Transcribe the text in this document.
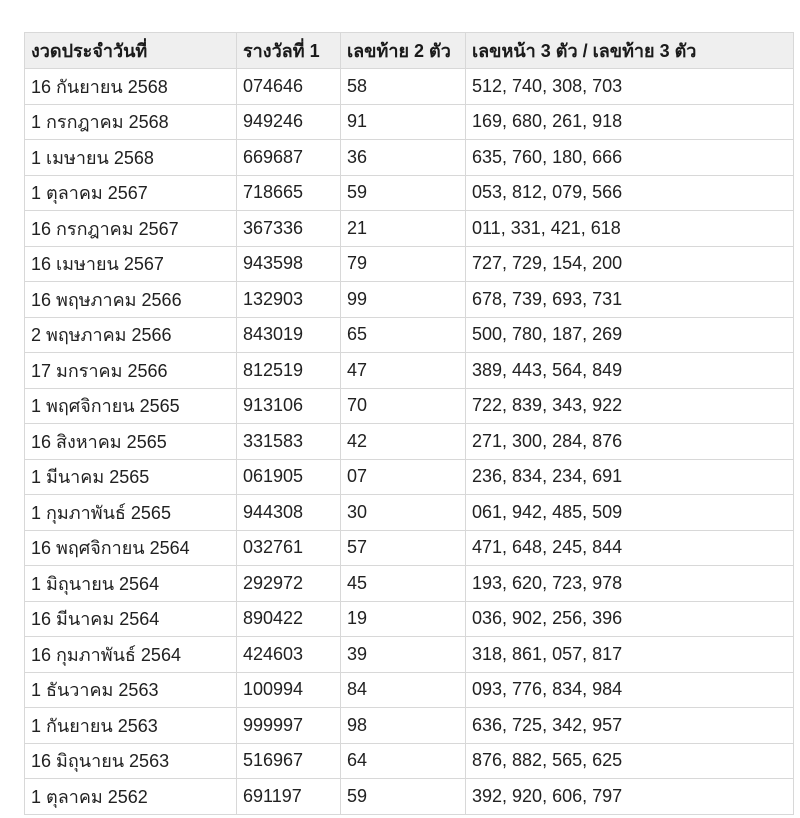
งวดประจำวันที่	รางวัลที่ 1	เลขท้าย 2 ตัว	เลขหน้า 3 ตัว / เลขท้าย 3 ตัว
16 กันยายน 2568	074646	58	512, 740, 308, 703
1 กรกฎาคม 2568	949246	91	169, 680, 261, 918
1 เมษายน 2568	669687	36	635, 760, 180, 666
1 ตุลาคม 2567	718665	59	053, 812, 079, 566
16 กรกฎาคม 2567	367336	21	011, 331, 421, 618
16 เมษายน 2567	943598	79	727, 729, 154, 200
16 พฤษภาคม 2566	132903	99	678, 739, 693, 731
2 พฤษภาคม 2566	843019	65	500, 780, 187, 269
17 มกราคม 2566	812519	47	389, 443, 564, 849
1 พฤศจิกายน 2565	913106	70	722, 839, 343, 922
16 สิงหาคม 2565	331583	42	271, 300, 284, 876
1 มีนาคม 2565	061905	07	236, 834, 234, 691
1 กุมภาพันธ์ 2565	944308	30	061, 942, 485, 509
16 พฤศจิกายน 2564	032761	57	471, 648, 245, 844
1 มิถุนายน 2564	292972	45	193, 620, 723, 978
16 มีนาคม 2564	890422	19	036, 902, 256, 396
16 กุมภาพันธ์ 2564	424603	39	318, 861, 057, 817
1 ธันวาคม 2563	100994	84	093, 776, 834, 984
1 กันยายน 2563	999997	98	636, 725, 342, 957
16 มิถุนายน 2563	516967	64	876, 882, 565, 625
1 ตุลาคม 2562	691197	59	392, 920, 606, 797
